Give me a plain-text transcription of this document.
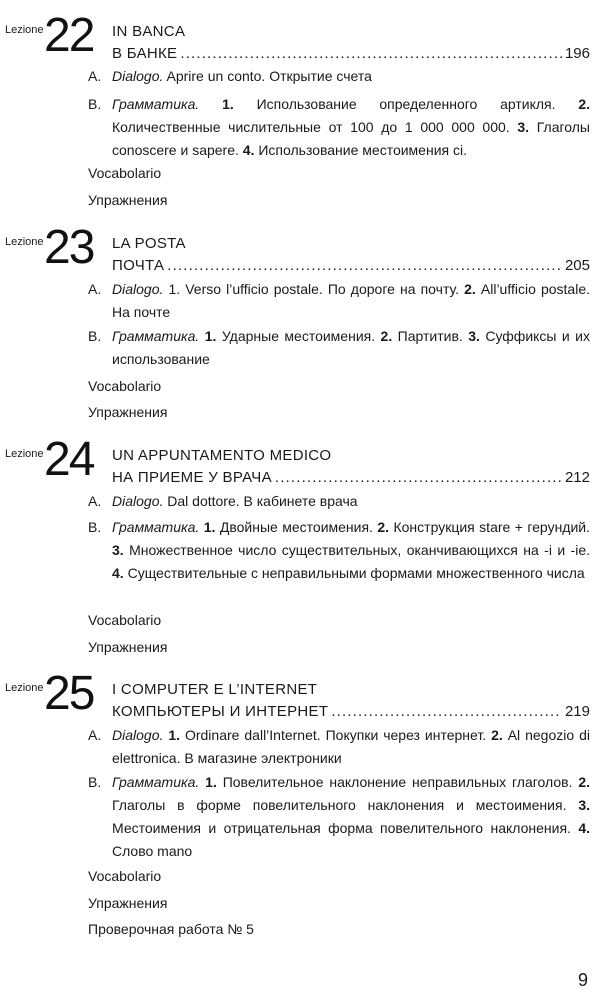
Lezione 22 IN BANCA
В БАНКЕ . . .	196
A. Dialogo. Aprire un conto. Открытие счета
B. Грамматика. 1. Использование определенного артикля. 2. Количественные числительные от 100 до 1 000 000 000. 3. Глаголы conoscere и sapere. 4. Использование местоимения ci.
Vocabolario
Упражнения
Lezione 23 LA POSTA
ПОЧТА . . .	205
A. Dialogo. 1. Verso l’ufficio postale. По дороге на почту. 2. All’ufficio postale. На почте
B. Грамматика. 1. Ударные местоимения. 2. Партитив. 3. Суффиксы и их использование
Vocabolario
Упражнения
Lezione 24 UN APPUNTAMENTO MEDICO
НА ПРИЕМЕ У ВРАЧА . . .	212
A. Dialogo. Dal dottore. В кабинете врача
B. Грамматика. 1. Двойные местоимения. 2. Конструкция stare + герундий. 3. Множественное число существительных, оканчивающихся на -i и -ie. 4. Существительные с неправильными формами множественного числа
Vocabolario
Упражнения
Lezione 25 I COMPUTER E L’INTERNET
КОМПЬЮТЕРЫ И ИНТЕРНЕТ . . .	219
A. Dialogo. 1. Ordinare dall’Internet. Покупки через интернет. 2. Al negozio di elettronica. В магазине электроники
B. Грамматика. 1. Повелительное наклонение неправильных глаголов. 2. Глаголы в форме повелительного наклонения и местоимения. 3. Местоимения и отрицательная форма повелительного наклонения. 4. Слово mano
Vocabolario
Упражнения
Проверочная работа № 5
9
